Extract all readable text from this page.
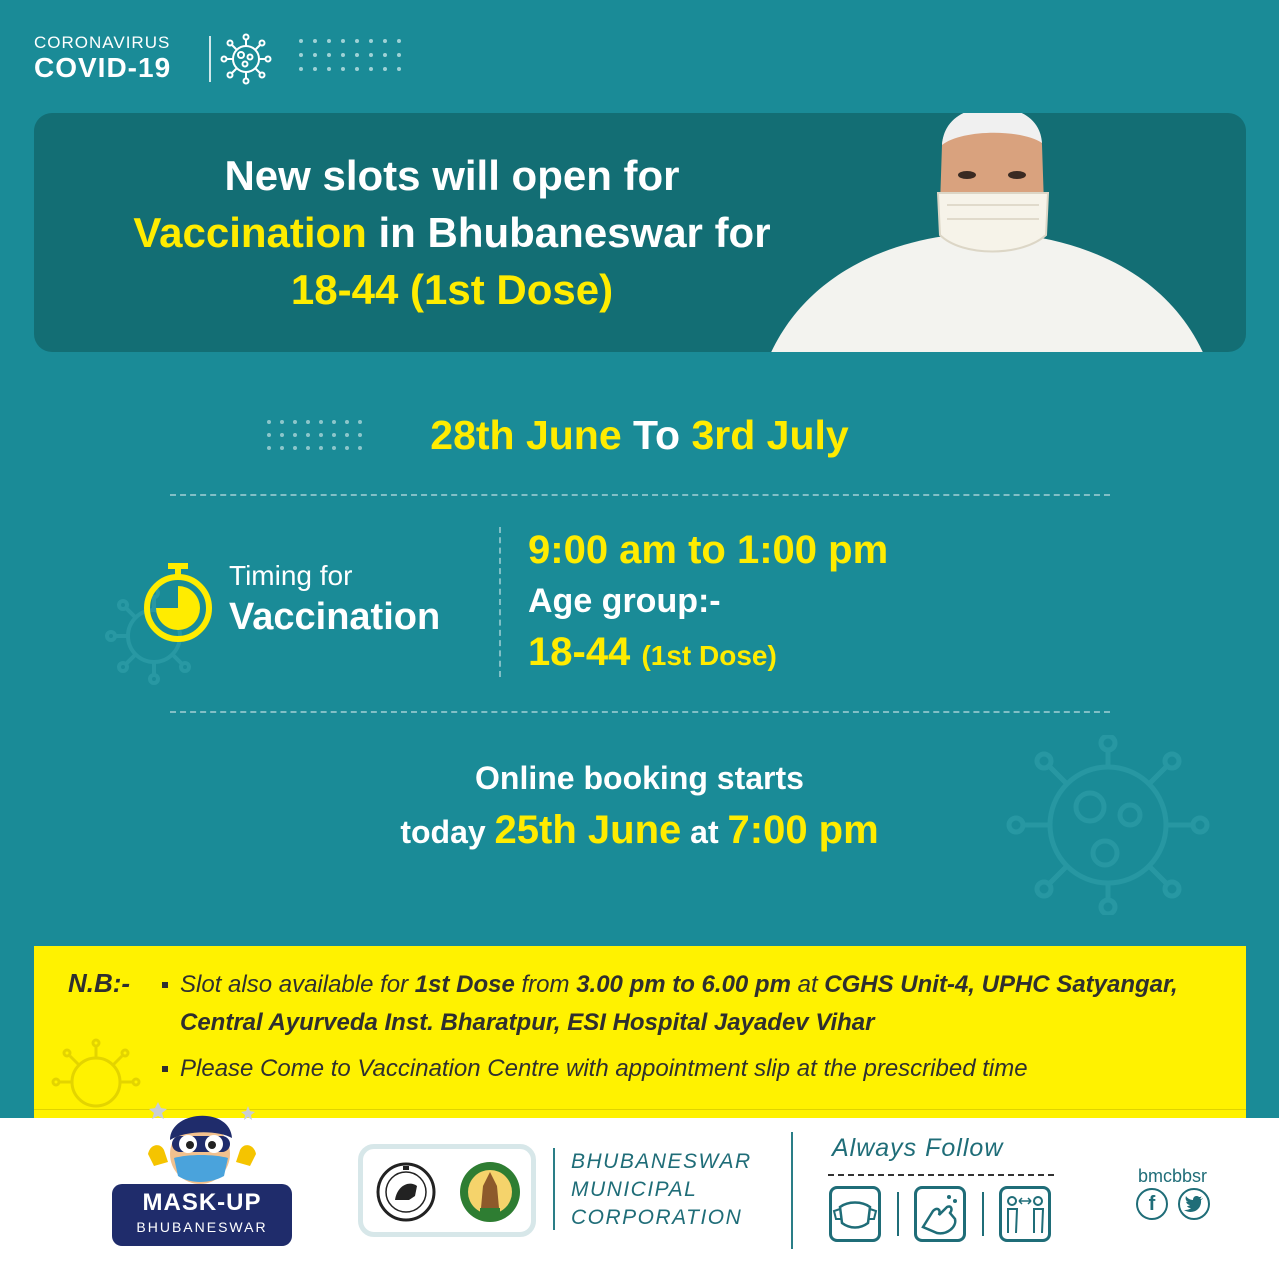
CORONAVIRUS
COVID-19
New slots will open for
Vaccination in Bhubaneswar for
18-44 (1st Dose)
28th June To 3rd July
Timing for
Vaccination
9:00 am to 1:00 pm
Age group:-
18-44 (1st Dose)
Online booking starts
today 25th June at 7:00 pm
N.B:-	Slot also available for 1st Dose from 3.00 pm to 6.00 pm at CGHS Unit-4, UPHC Satyangar, Central Ayurveda Inst. Bharatpur, ESI Hospital Jayadev Vihar
Please Come to Vaccination Centre with appointment slip at the prescribed time
MASK-UP
BHUBANESWAR
BHUBANESWAR
MUNICIPAL
CORPORATION
Always Follow
bmcbbsr
f
